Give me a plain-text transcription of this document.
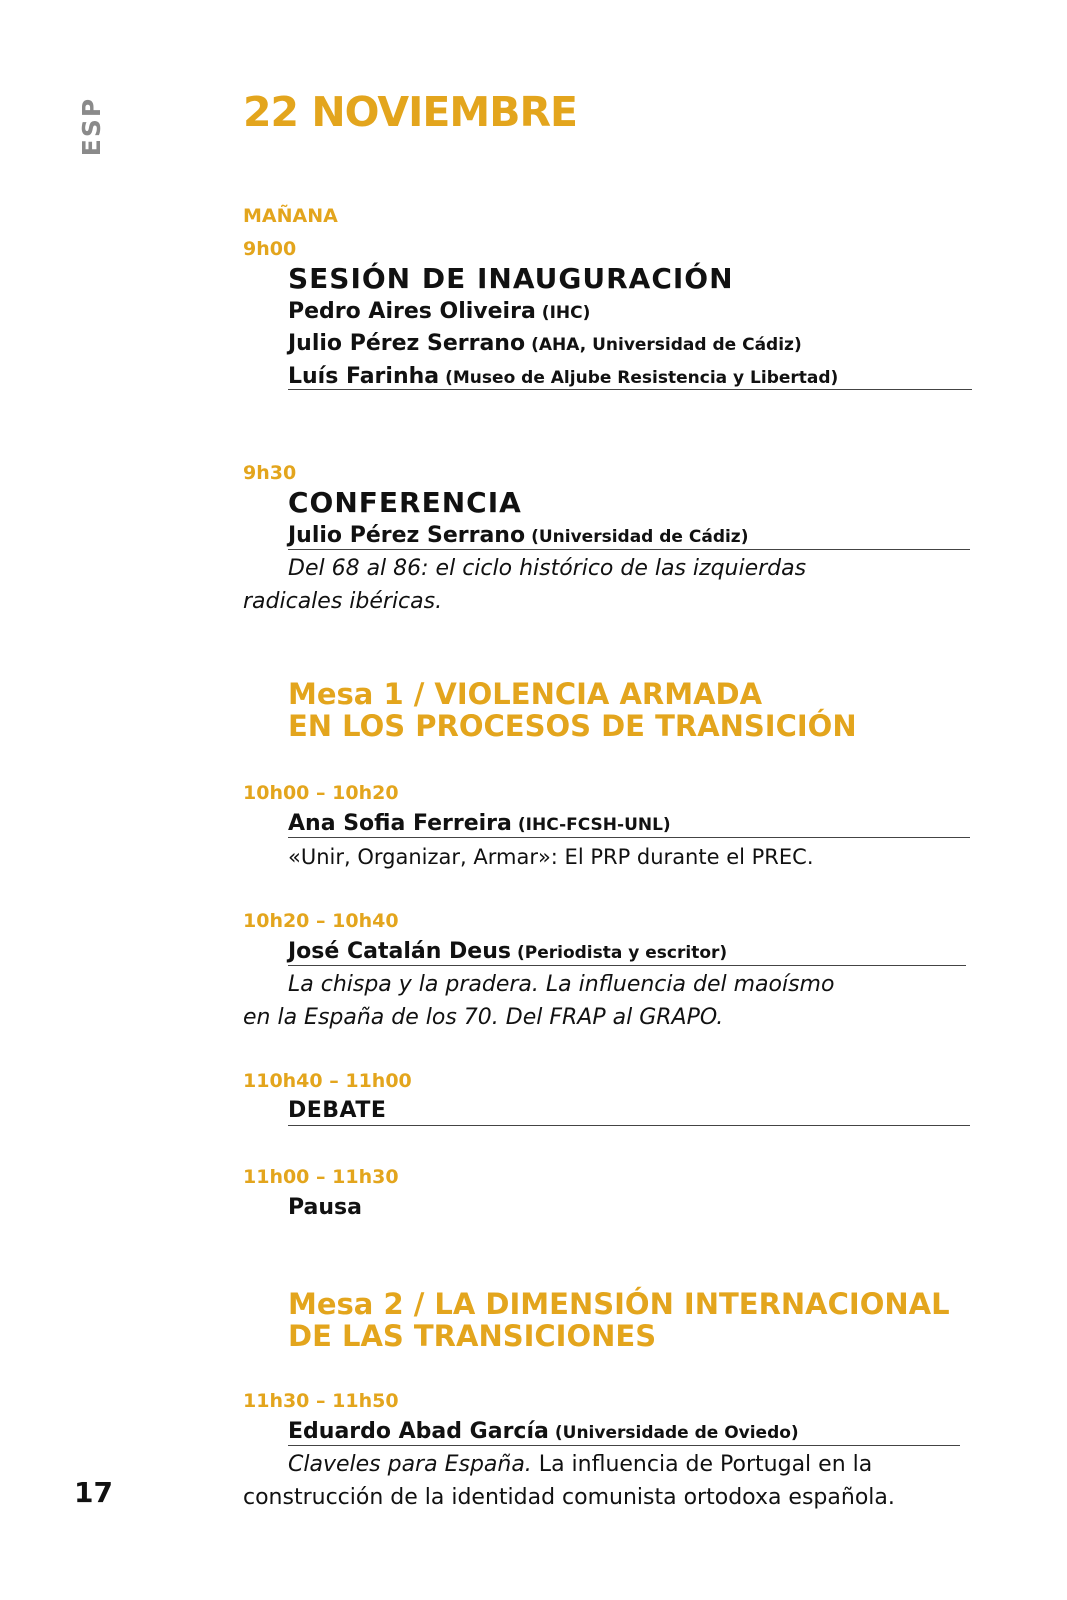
ESP
17
22 NOVIEMBRE
MAÑANA
9h00
SESIÓN DE INAUGURACIÓN
Pedro Aires Oliveira (IHC)
Julio Pérez Serrano (AHA, Universidad de Cádiz)
Luís Farinha (Museo de Aljube Resistencia y Libertad)
9h30
CONFERENCIA
Julio Pérez Serrano (Universidad de Cádiz)
Del 68 al 86: el ciclo histórico de las izquierdas
radicales ibéricas.
Mesa 1 / VIOLENCIA ARMADA
EN LOS PROCESOS DE TRANSICIÓN
10h00 – 10h20
Ana Sofia Ferreira (IHC-FCSH-UNL)
«Unir, Organizar, Armar»: El PRP durante el PREC.
10h20 – 10h40
José Catalán Deus (Periodista y escritor)
La chispa y la pradera. La influencia del maoísmo
en la España de los 70. Del FRAP al GRAPO.
110h40 – 11h00
DEBATE
11h00 – 11h30
Pausa
Mesa 2 / LA DIMENSIÓN INTERNACIONAL
DE LAS TRANSICIONES
11h30 – 11h50
Eduardo Abad García (Universidade de Oviedo)
Claveles para España. La influencia de Portugal en la
construcción de la identidad comunista ortodoxa española.
